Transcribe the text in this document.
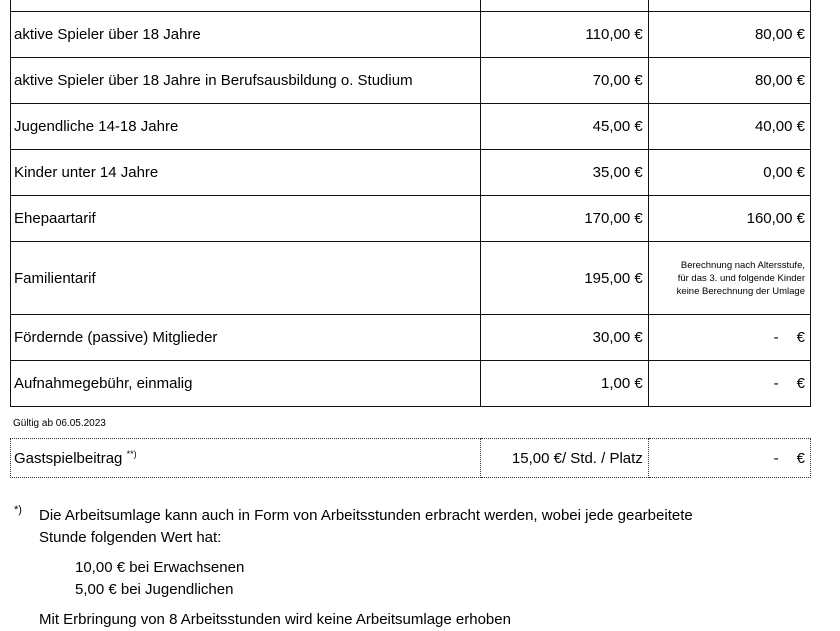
aktive Spieler über 18 Jahre	110,00 €	80,00 €
aktive Spieler über 18 Jahre in Berufsausbildung o. Studium	70,00 €	80,00 €
Jugendliche 14-18 Jahre	45,00 €	40,00 €
Kinder unter 14 Jahre	35,00 €	0,00 €
Ehepaartarif	170,00 €	160,00 €
Familientarif	195,00 €	Berechnung nach Altersstufe,
für das 3. und folgende Kinder
keine Berechnung der Umlage

Fördernde (passive) Mitglieder	30,00 €	- €
Aufnahmegebühr, einmalig	1,00 €	- €
Gültig ab 06.05.2023
Gastspielbeitrag **)	15,00 €/ Std. / Platz	- €
*) Die Arbeitsumlage kann auch in Form von Arbeitsstunden erbracht werden, wobei jede gearbeitete
Stunde folgenden Wert hat:
10,00 € bei Erwachsenen
5,00 € bei Jugendlichen
Mit Erbringung von 8 Arbeitsstunden wird keine Arbeitsumlage erhoben
